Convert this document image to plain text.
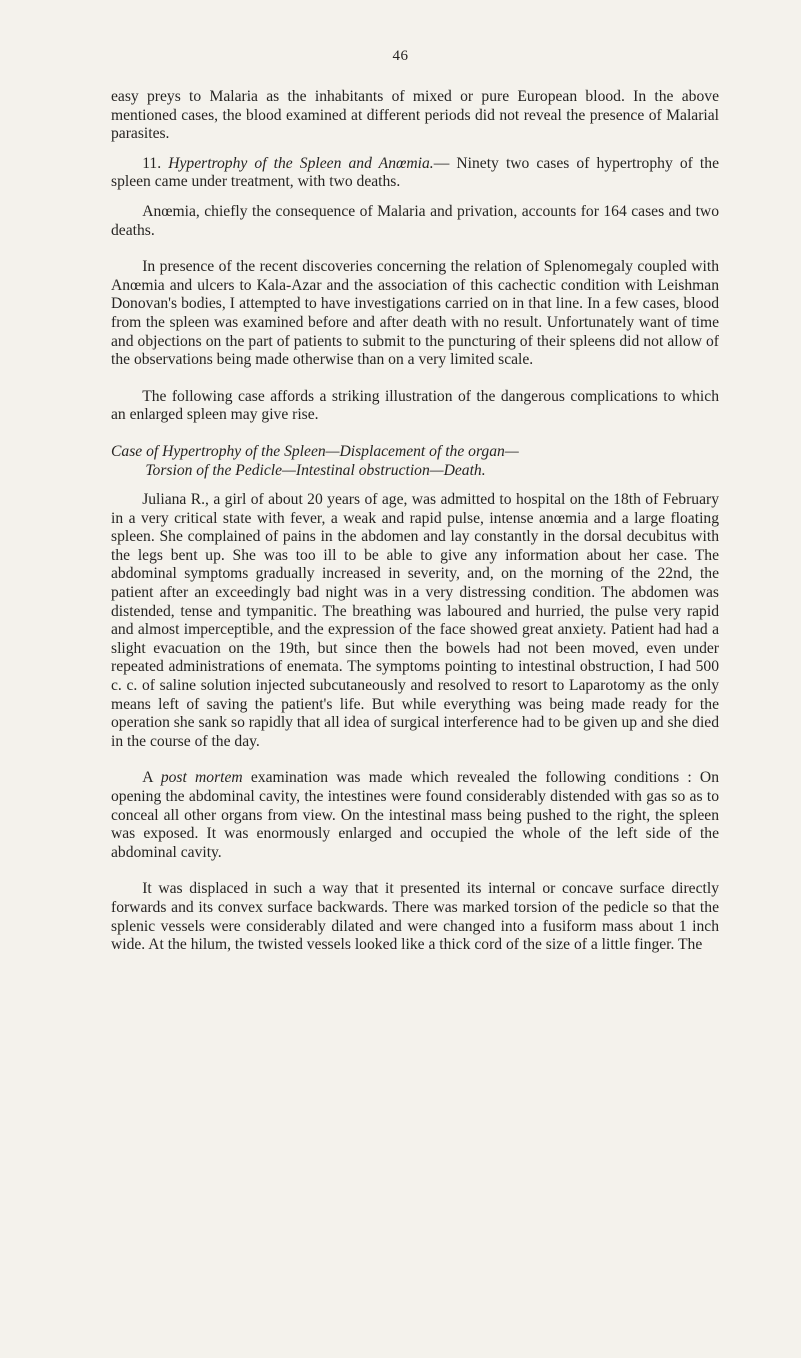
46

easy preys to Malaria as the inhabitants of mixed or pure European blood. In the above mentioned cases, the blood examined at different periods did not reveal the presence of Malarial parasites.

11. Hypertrophy of the Spleen and Anœmia.— Ninety two cases of hypertrophy of the spleen came under treatment, with two deaths.

Anœmia, chiefly the consequence of Malaria and privation, accounts for 164 cases and two deaths.

In presence of the recent discoveries concerning the relation of Splenomegaly coupled with Anœmia and ulcers to Kala-Azar and the association of this cachectic condition with Leishman Donovan's bodies, I attempted to have investigations carried on in that line. In a few cases, blood from the spleen was examined before and after death with no result. Unfortunately want of time and objections on the part of patients to submit to the puncturing of their spleens did not allow of the observations being made otherwise than on a very limited scale.

The following case affords a striking illustration of the dangerous complications to which an enlarged spleen may give rise.

Case of Hypertrophy of the Spleen—Displacement of the organ—
Torsion of the Pedicle—Intestinal obstruction—Death.

Juliana R., a girl of about 20 years of age, was admitted to hospital on the 18th of February in a very critical state with fever, a weak and rapid pulse, intense anœmia and a large floating spleen. She complained of pains in the abdomen and lay constantly in the dorsal decubitus with the legs bent up. She was too ill to be able to give any information about her case. The abdominal symptoms gradually increased in severity, and, on the morning of the 22nd, the patient after an exceedingly bad night was in a very distressing condition. The abdomen was distended, tense and tympanitic. The breathing was laboured and hurried, the pulse very rapid and almost imperceptible, and the expression of the face showed great anxiety. Patient had had a slight evacuation on the 19th, but since then the bowels had not been moved, even under repeated administrations of enemata. The symptoms pointing to intestinal obstruction, I had 500 c. c. of saline solution injected subcutaneously and resolved to resort to Laparotomy as the only means left of saving the patient's life. But while everything was being made ready for the operation she sank so rapidly that all idea of surgical interference had to be given up and she died in the course of the day.

A post mortem examination was made which revealed the following conditions : On opening the abdominal cavity, the intestines were found considerably distended with gas so as to conceal all other organs from view. On the intestinal mass being pushed to the right, the spleen was exposed. It was enormously enlarged and occupied the whole of the left side of the abdominal cavity.

It was displaced in such a way that it presented its internal or concave surface directly forwards and its convex surface backwards. There was marked torsion of the pedicle so that the splenic vessels were considerably dilated and were changed into a fusiform mass about 1 inch wide. At the hilum, the twisted vessels looked like a thick cord of the size of a little finger. The
